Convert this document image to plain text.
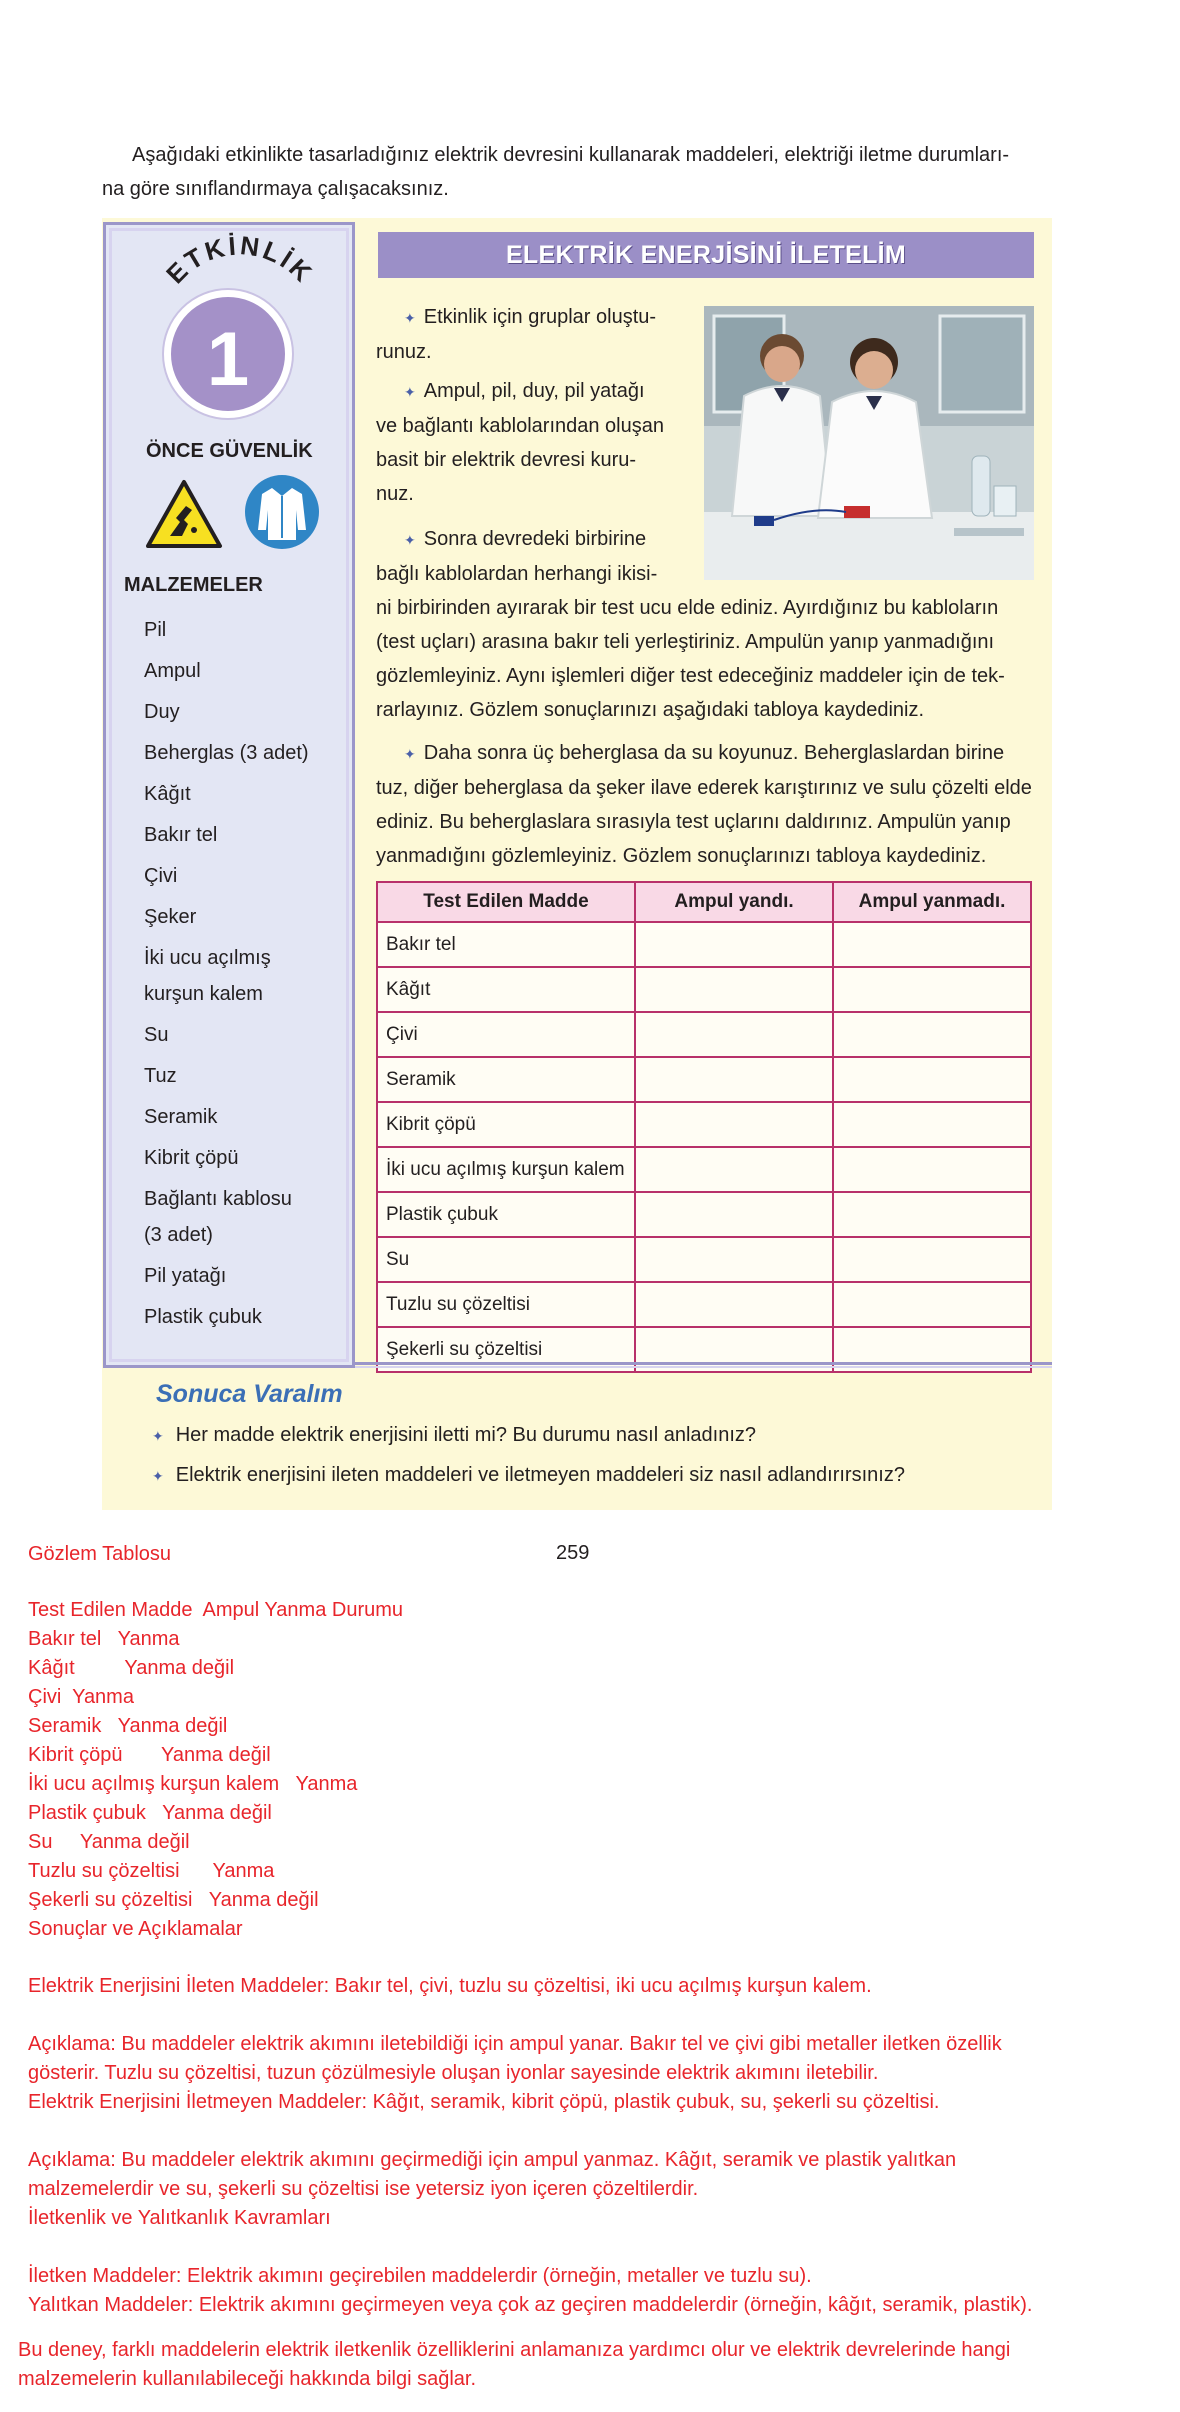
Aşağıdaki etkinlikte tasarladığınız elektrik devresini kullanarak maddeleri, elektriği iletme durumları-
na göre sınıflandırmaya çalışacaksınız.
ETKİNLİK
1
ÖNCE GÜVENLİK
MALZEMELER
Pil
Ampul
Duy
Beherglas (3 adet)
Kâğıt
Bakır tel
Çivi
Şeker
İki ucu açılmış kurşun kalem
Su
Tuz
Seramik
Kibrit çöpü
Bağlantı kablosu (3 adet)
Pil yatağı
Plastik çubuk
ELEKTRİK ENERJİSİNİ İLETELİM
✦ Etkinlik için gruplar oluştu-
runuz.
✦ Ampul, pil, duy, pil yatağı
ve bağlantı kablolarından oluşan
basit bir elektrik devresi kuru-
nuz.
✦ Sonra devredeki birbirine
bağlı kablolardan herhangi ikisi-
ni birbirinden ayırarak bir test ucu elde ediniz. Ayırdığınız bu kabloların
(test uçları) arasına bakır teli yerleştiriniz. Ampulün yanıp yanmadığını
gözlemleyiniz. Aynı işlemleri diğer test edeceğiniz maddeler için de tek-
rarlayınız. Gözlem sonuçlarınızı aşağıdaki tabloya kaydediniz.
✦ Daha sonra üç beherglasa da su koyunuz. Beherglaslardan birine
tuz, diğer beherglasa da şeker ilave ederek karıştırınız ve sulu çözelti elde
ediniz. Bu beherglaslara sırasıyla test uçlarını daldırınız. Ampulün yanıp
yanmadığını gözlemleyiniz. Gözlem sonuçlarınızı tabloya kaydediniz.
Test Edilen Madde	Ampul yandı.	Ampul yanmadı.
Bakır tel		
Kâğıt		
Çivi		
Seramik		
Kibrit çöpü		
İki ucu açılmış kurşun kalem		
Plastik çubuk		
Su		
Tuzlu su çözeltisi		
Şekerli su çözeltisi		
Sonuca Varalım
✦ Her madde elektrik enerjisini iletti mi? Bu durumu nasıl anladınız?
✦ Elektrik enerjisini ileten maddeleri ve iletmeyen maddeleri siz nasıl adlandırırsınız?
259
Gözlem Tablosu
Test Edilen Madde  Ampul Yanma Durumu
Bakır tel   Yanma
Kâğıt         Yanma değil
Çivi  Yanma
Seramik   Yanma değil
Kibrit çöpü       Yanma değil
İki ucu açılmış kurşun kalem   Yanma
Plastik çubuk   Yanma değil
Su     Yanma değil
Tuzlu su çözeltisi      Yanma
Şekerli su çözeltisi   Yanma değil
Sonuçlar ve Açıklamalar
Elektrik Enerjisini İleten Maddeler: Bakır tel, çivi, tuzlu su çözeltisi, iki ucu açılmış kurşun kalem.
Açıklama: Bu maddeler elektrik akımını iletebildiği için ampul yanar. Bakır tel ve çivi gibi metaller iletken özellik
gösterir. Tuzlu su çözeltisi, tuzun çözülmesiyle oluşan iyonlar sayesinde elektrik akımını iletebilir.
Elektrik Enerjisini İletmeyen Maddeler: Kâğıt, seramik, kibrit çöpü, plastik çubuk, su, şekerli su çözeltisi.
Açıklama: Bu maddeler elektrik akımını geçirmediği için ampul yanmaz. Kâğıt, seramik ve plastik yalıtkan
malzemelerdir ve su, şekerli su çözeltisi ise yetersiz iyon içeren çözeltilerdir.
İletkenlik ve Yalıtkanlık Kavramları
İletken Maddeler: Elektrik akımını geçirebilen maddelerdir (örneğin, metaller ve tuzlu su).
Yalıtkan Maddeler: Elektrik akımını geçirmeyen veya çok az geçiren maddelerdir (örneğin, kâğıt, seramik, plastik).
Bu deney, farklı maddelerin elektrik iletkenlik özelliklerini anlamanıza yardımcı olur ve elektrik devrelerinde hangi
malzemelerin kullanılabileceği hakkında bilgi sağlar.
